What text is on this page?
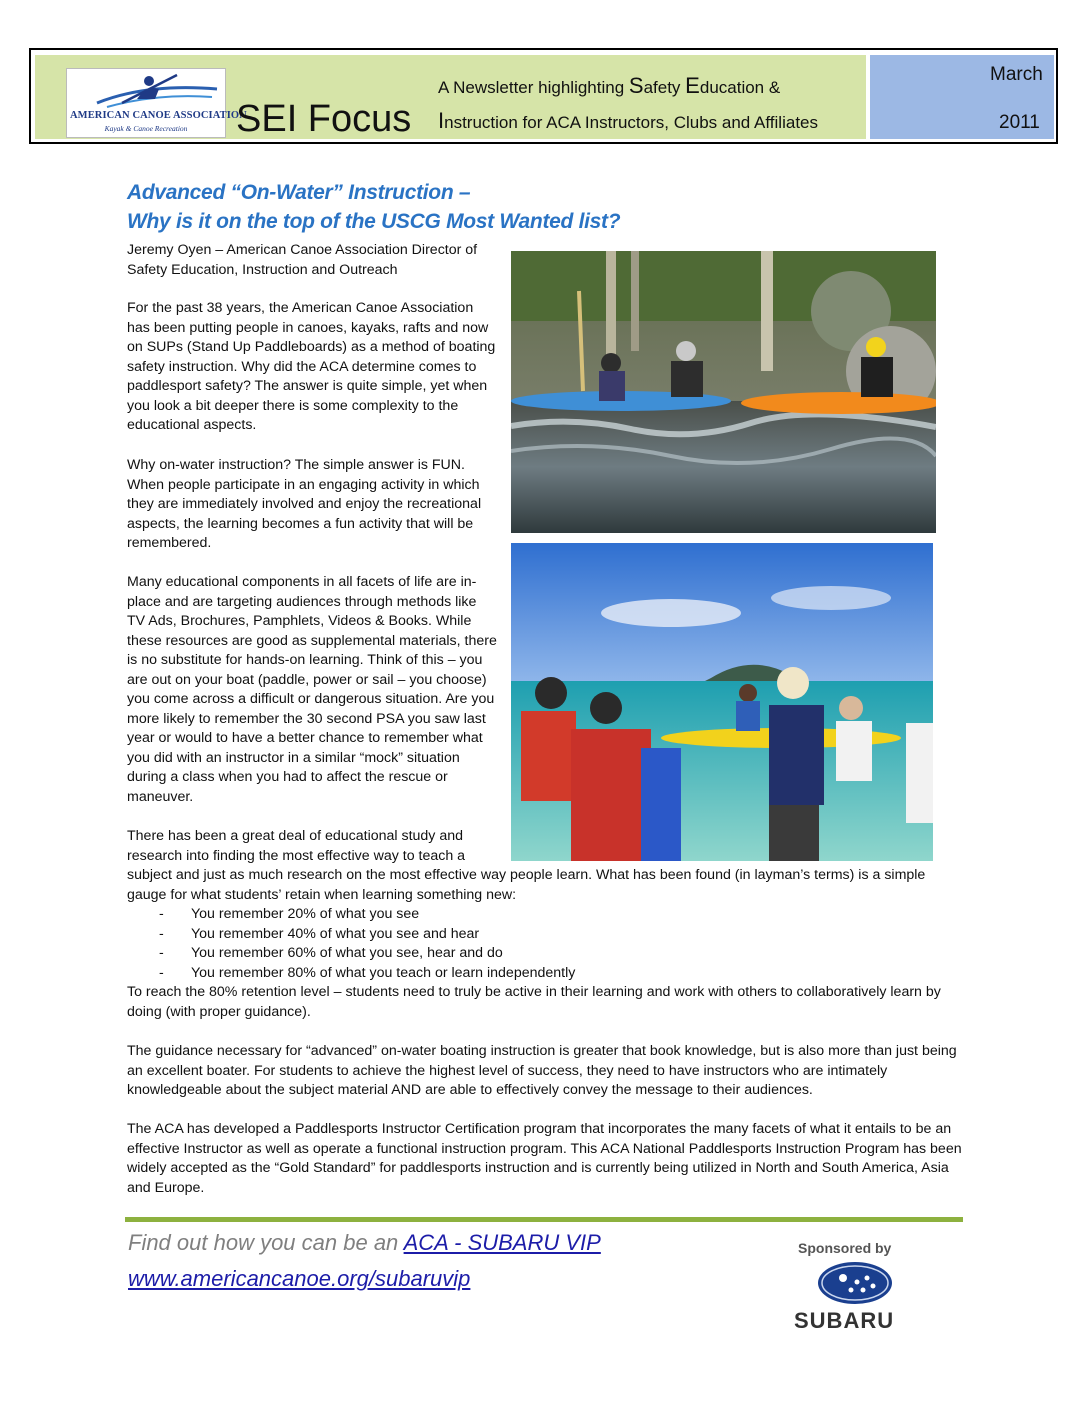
AMERICAN CANOE ASSOCIATION
Kayak & Canoe Recreation	SEI Focus
A Newsletter highlighting Safety Education &
Instruction for ACA Instructors, Clubs and Affiliates
March
2011
Advanced “On-Water” Instruction –
Why is it on the top of the USCG Most Wanted list?

Jeremy Oyen – American Canoe Association Director of Safety Education, Instruction and Outreach

For the past 38 years, the American Canoe Association has been putting people in canoes, kayaks, rafts and now on SUPs (Stand Up Paddleboards) as a method of boating safety instruction. Why did the ACA determine comes to paddlesport safety? The answer is quite simple, yet when you look a bit deeper there is some complexity to the educational aspects.

Why on-water instruction? The simple answer is FUN. When people participate in an engaging activity in which they are immediately involved and enjoy the recreational aspects, the learning becomes a fun activity that will be remembered.

Many educational components in all facets of life are in-place and are targeting audiences through methods like TV Ads, Brochures, Pamphlets, Videos & Books. While these resources are good as supplemental materials, there is no substitute for hands-on learning. Think of this – you are out on your boat (paddle, power or sail – you choose) you come across a difficult or dangerous situation. Are you more likely to remember the 30 second PSA you saw last year or would to have a better chance to remember what you did with an instructor in a similar “mock” situation during a class when you had to affect the rescue or maneuver.

There has been a great deal of educational study and research into finding the most effective way to teach a

subject and just as much research on the most effective way people learn. What has been found (in layman’s terms) is a simple gauge for what students’ retain when learning something new:

- You remember 20% of what you see
- You remember 40% of what you see and hear
- You remember 60% of what you see, hear and do
- You remember 80% of what you teach or learn independently

To reach the 80% retention level – students need to truly be active in their learning and work with others to collaboratively learn by doing (with proper guidance).

The guidance necessary for “advanced” on-water boating instruction is greater that book knowledge, but is also more than just being an excellent boater. For students to achieve the highest level of success, they need to have instructors who are intimately knowledgeable about the subject material AND are able to effectively convey the message to their audiences.

The ACA has developed a Paddlesports Instructor Certification program that incorporates the many facets of what it entails to be an effective Instructor as well as operate a functional instruction program. This ACA National Paddlesports Instruction Program has been widely accepted as the “Gold Standard” for paddlesports instruction and is currently being utilized in North and South America, Asia and Europe.

Find out how you can be an ACA - SUBARU VIP
www.americancanoe.org/subaruvip
Sponsored by
SUBARU
